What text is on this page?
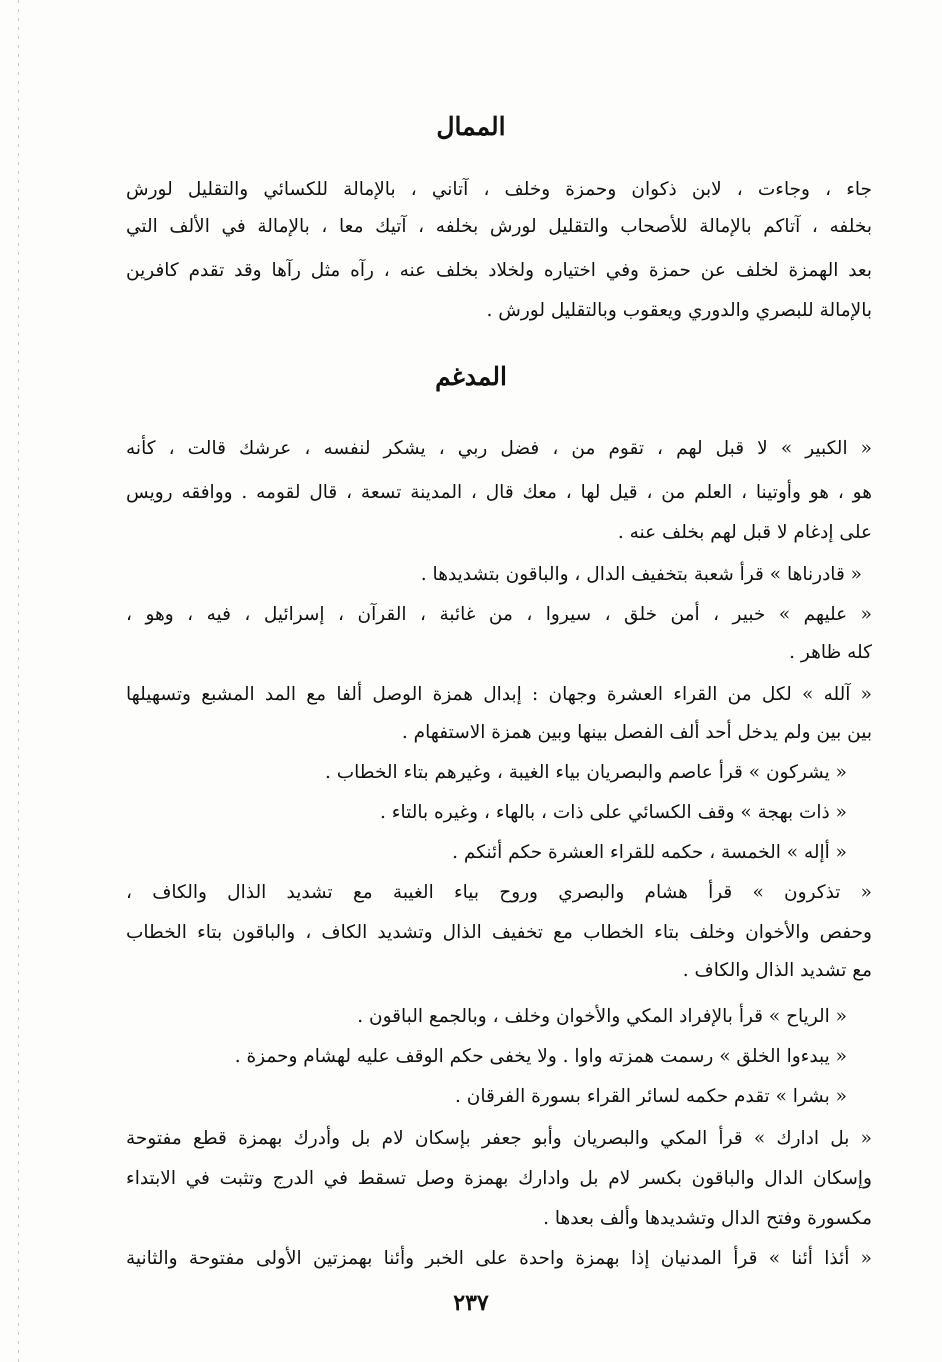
الممال
جاء ، وجاءت ، لابن ذكوان وحمزة وخلف ، آتاني ، بالإمالة للكسائي والتقليل لورش
بخلفه ، آتاكم بالإمالة للأصحاب والتقليل لورش بخلفه ، آتيك معا ، بالإمالة في الألف التي
بعد الهمزة لخلف عن حمزة وفي اختياره ولخلاد بخلف عنه ، رآه مثل رآها وقد تقدم كافرين
بالإمالة للبصري والدوري ويعقوب وبالتقليل لورش .
المدغم
« الكبير » لا قبل لهم ، تقوم من ، فضل ربي ، يشكر لنفسه ، عرشك قالت ، كأنه
هو ، هو وأوتينا ، العلم من ، قيل لها ، معك قال ، المدينة تسعة ، قال لقومه . ووافقه رويس
على إدغام لا قبل لهم بخلف عنه .
« قادرناها » قرأ شعبة بتخفيف الدال ، والباقون بتشديدها .
« عليهم » خبير ، أمن خلق ، سيروا ، من غائبة ، القرآن ، إسرائيل ، فيه ، وهو ،
كله ظاهر .
« آلله » لكل من القراء العشرة وجهان : إبدال همزة الوصل ألفا مع المد المشبع وتسهيلها
بين بين ولم يدخل أحد ألف الفصل بينها وبين همزة الاستفهام .
« يشركون » قرأ عاصم والبصريان بياء الغيبة ، وغيرهم بتاء الخطاب .
« ذات بهجة » وقف الكسائي على ذات ، بالهاء ، وغيره بالتاء .
« أإله » الخمسة ، حكمه للقراء العشرة حكم أئنكم .
« تذكرون » قرأ هشام والبصري وروح بياء الغيبة مع تشديد الذال والكاف ،
وحفص والأخوان وخلف بتاء الخطاب مع تخفيف الذال وتشديد الكاف ، والباقون بتاء الخطاب
مع تشديد الذال والكاف .
« الرياح » قرأ بالإفراد المكي والأخوان وخلف ، وبالجمع الباقون .
« يبدءوا الخلق » رسمت همزته واوا . ولا يخفى حكم الوقف عليه لهشام وحمزة .
« بشرا » تقدم حكمه لسائر القراء بسورة الفرقان .
« بل ادارك » قرأ المكي والبصريان وأبو جعفر بإسكان لام بل وأدرك بهمزة قطع مفتوحة
وإسكان الدال والباقون بكسر لام بل وادارك بهمزة وصل تسقط في الدرج وتثبت في الابتداء
مكسورة وفتح الدال وتشديدها وألف بعدها .
« أئذا أئنا » قرأ المدنيان إذا بهمزة واحدة على الخبر وأئنا بهمزتين الأولى مفتوحة والثانية
٢٣٧
